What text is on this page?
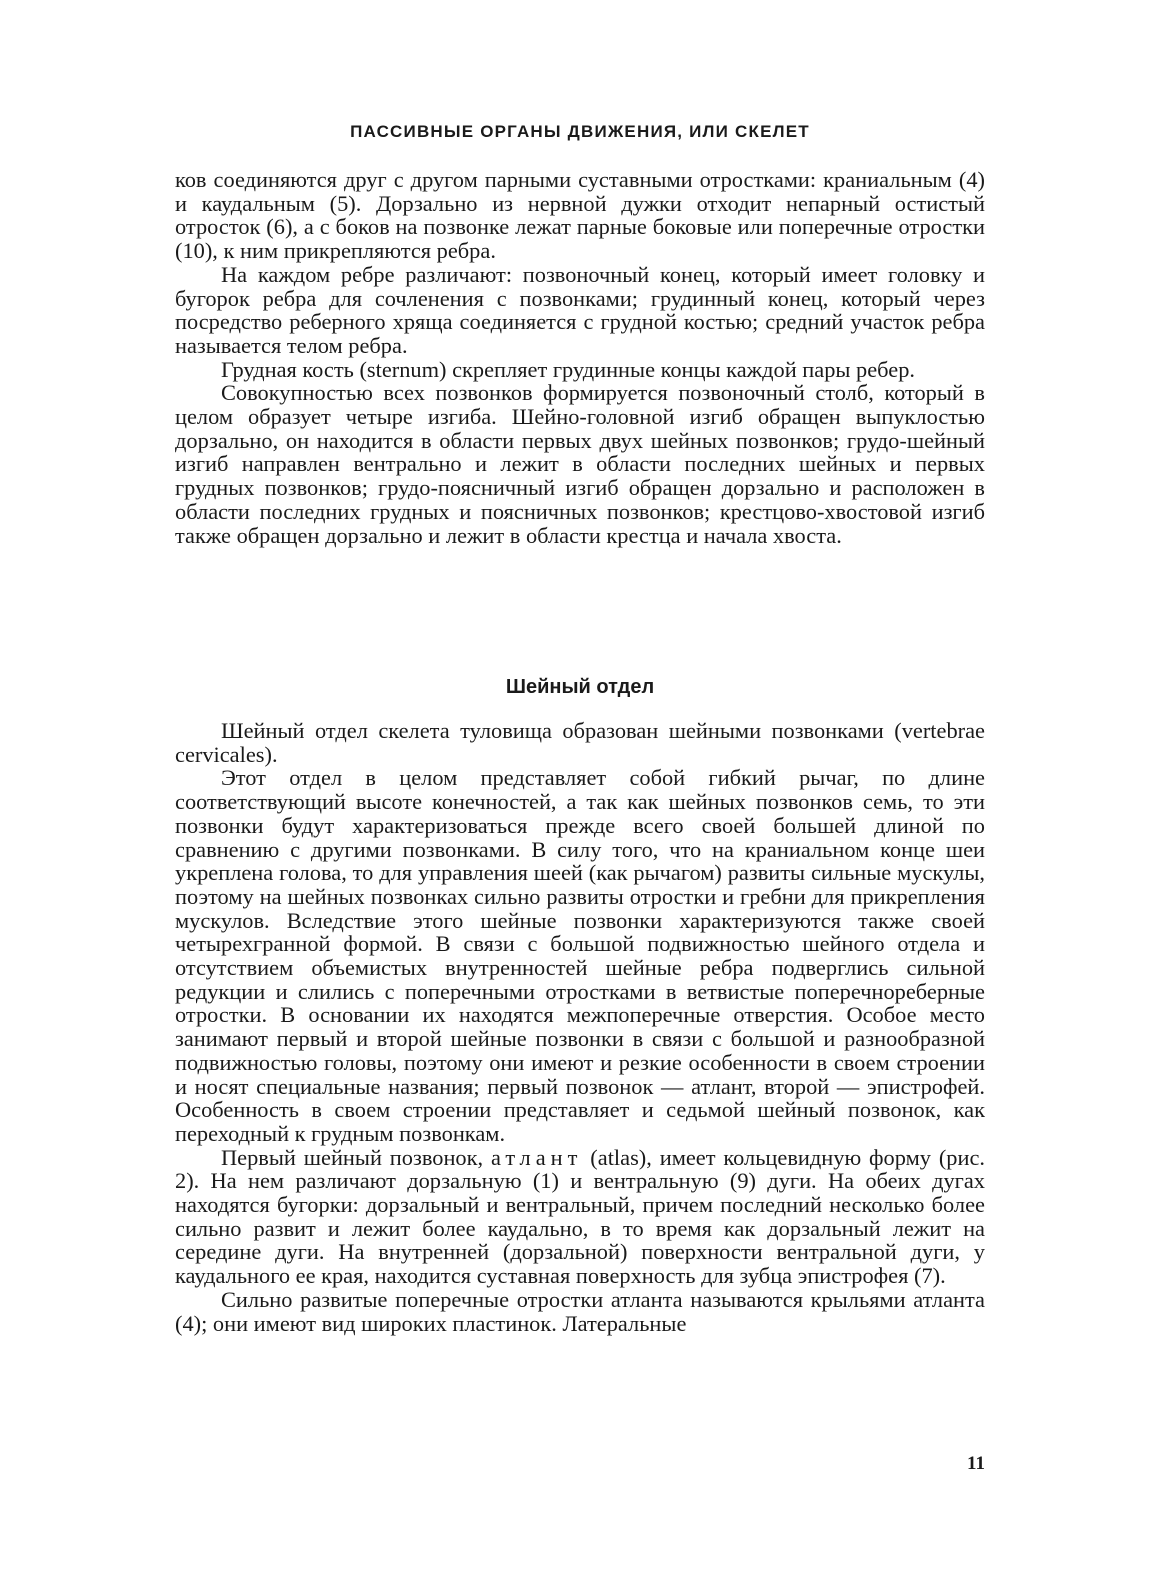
ПАССИВНЫЕ ОРГАНЫ ДВИЖЕНИЯ, ИЛИ СКЕЛЕТ

ков соединяются друг с другом парными суставными отростками: краниальным (4) и каудальным (5). Дорзально из нервной дужки отходит непарный остистый отросток (6), а с боков на позвонке лежат парные боковые или поперечные отростки (10), к ним прикрепляются ребра.

На каждом ребре различают: позвоночный конец, который имеет головку и бугорок ребра для сочленения с позвонками; грудинный конец, который через посредство реберного хряща соединяется с грудной костью; средний участок ребра называется телом ребра.

Грудная кость (sternum) скрепляет грудинные концы каждой пары ребер.

Совокупностью всех позвонков формируется позвоночный столб, который в целом образует четыре изгиба. Шейно-головной изгиб обращен выпуклостью дорзально, он находится в области первых двух шейных позвонков; грудо-шейный изгиб направлен вентрально и лежит в области последних шейных и первых грудных позвонков; грудо-поясничный изгиб обращен дорзально и расположен в области последних грудных и поясничных позвонков; крестцово-хвостовой изгиб также обращен дорзально и лежит в области крестца и начала хвоста.

Шейный отдел

Шейный отдел скелета туловища образован шейными позвонками (vertebrae cervicales).

Этот отдел в целом представляет собой гибкий рычаг, по длине соответствующий высоте конечностей, а так как шейных позвонков семь, то эти позвонки будут характеризоваться прежде всего своей большей длиной по сравнению с другими позвонками. В силу того, что на краниальном конце шеи укреплена голова, то для управления шеей (как рычагом) развиты сильные мускулы, поэтому на шейных позвонках сильно развиты отростки и гребни для прикрепления мускулов. Вследствие этого шейные позвонки характеризуются также своей четырехгранной формой. В связи с большой подвижностью шейного отдела и отсутствием объемистых внутренностей шейные ребра подверглись сильной редукции и слились с поперечными отростками в ветвистые поперечнореберные отростки. В основании их находятся межпоперечные отверстия. Особое место занимают первый и второй шейные позвонки в связи с большой и разнообразной подвижностью головы, поэтому они имеют и резкие особенности в своем строении и носят специальные названия; первый позвонок — атлант, второй — эпистрофей. Особенность в своем строении представляет и седьмой шейный позвонок, как переходный к грудным позвонкам.

Первый шейный позвонок, атлант (atlas), имеет кольцевидную форму (рис. 2). На нем различают дорзальную (1) и вентральную (9) дуги. На обеих дугах находятся бугорки: дорзальный и вентральный, причем последний несколько более сильно развит и лежит более каудально, в то время как дорзальный лежит на середине дуги. На внутренней (дорзальной) поверхности вентральной дуги, у каудального ее края, находится суставная поверхность для зубца эпистрофея (7).

Сильно развитые поперечные отростки атланта называются крыльями атланта (4); они имеют вид широких пластинок. Латеральные

11
